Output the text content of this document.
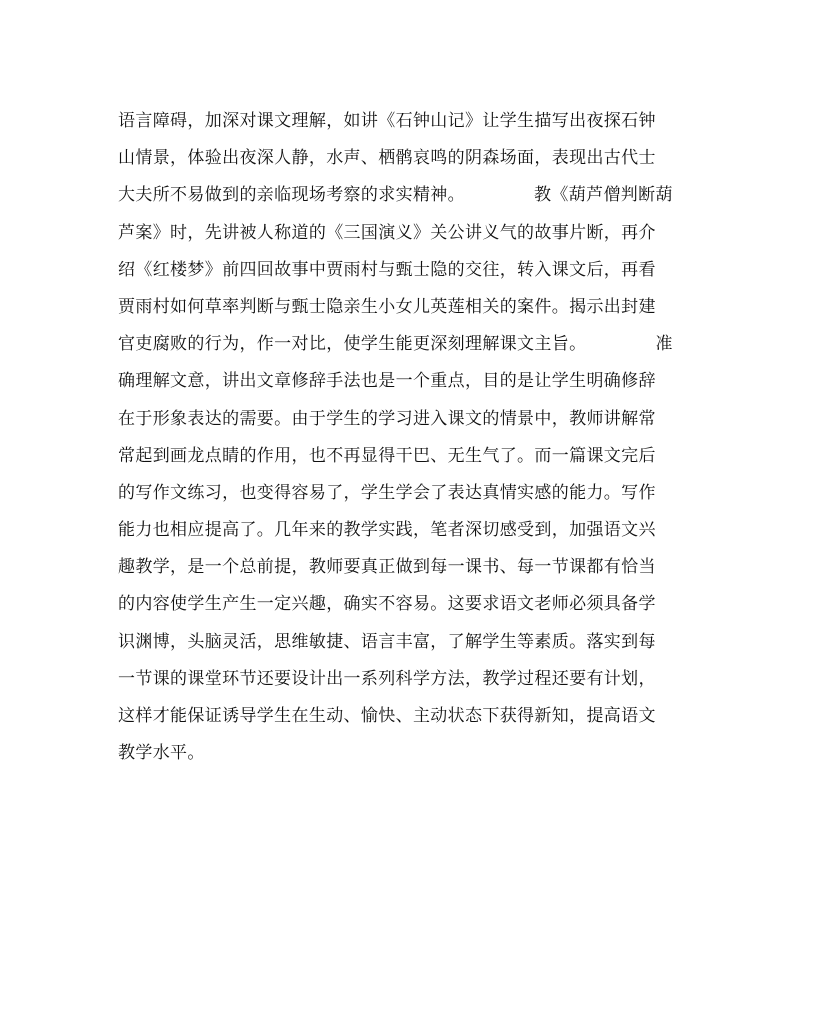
语言障碍，加深对课文理解，如讲《石钟山记》让学生描写出夜探石钟
山情景，体验出夜深人静，水声、栖鹘哀鸣的阴森场面，表现出古代士
大夫所不易做到的亲临现场考察的求实精神。            教《葫芦僧判断葫
芦案》时，先讲被人称道的《三国演义》关公讲义气的故事片断，再介
绍《红楼梦》前四回故事中贾雨村与甄士隐的交往，转入课文后，再看
贾雨村如何草率判断与甄士隐亲生小女儿英莲相关的案件。揭示出封建
官吏腐败的行为，作一对比，使学生能更深刻理解课文主旨。            准
确理解文意，讲出文章修辞手法也是一个重点，目的是让学生明确修辞
在于形象表达的需要。由于学生的学习进入课文的情景中，教师讲解常
常起到画龙点睛的作用，也不再显得干巴、无生气了。而一篇课文完后
的写作文练习，也变得容易了，学生学会了表达真情实感的能力。写作
能力也相应提高了。几年来的教学实践，笔者深切感受到，加强语文兴
趣教学，是一个总前提，教师要真正做到每一课书、每一节课都有恰当
的内容使学生产生一定兴趣，确实不容易。这要求语文老师必须具备学
识渊博，头脑灵活，思维敏捷、语言丰富，了解学生等素质。落实到每
一节课的课堂环节还要设计出一系列科学方法，教学过程还要有计划，
这样才能保证诱导学生在生动、愉快、主动状态下获得新知，提高语文
教学水平。
